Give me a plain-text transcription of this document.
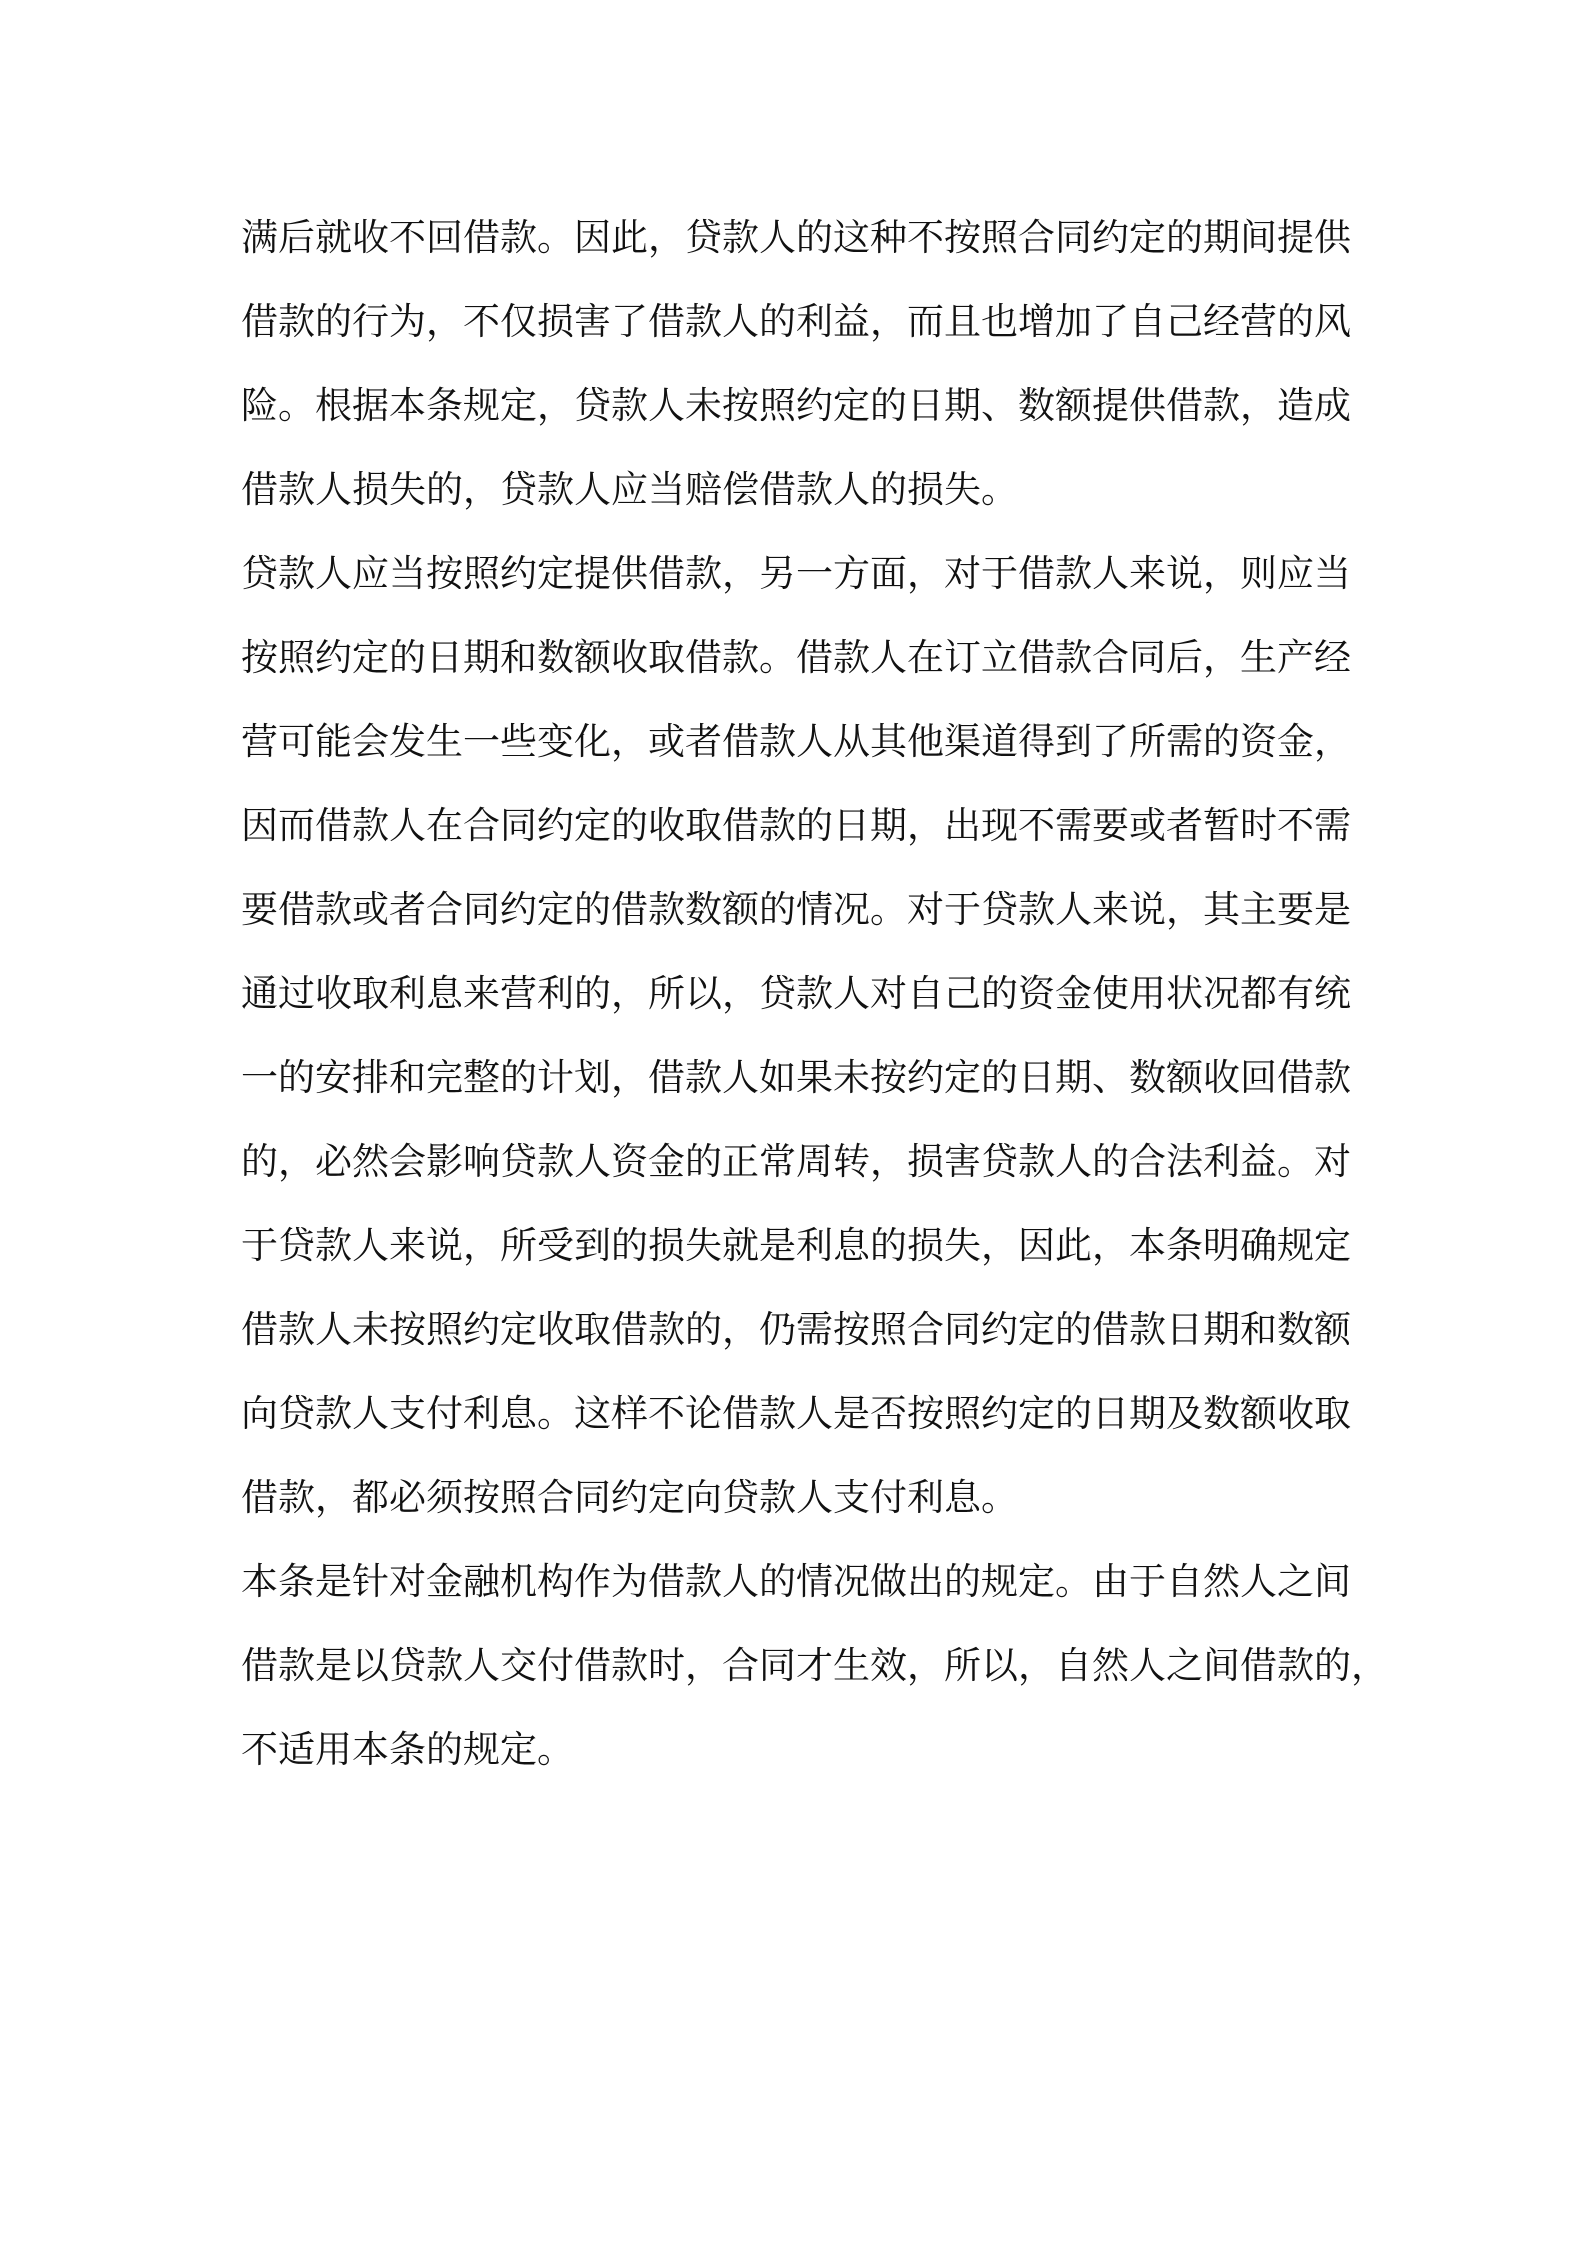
满后就收不回借款。因此，贷款人的这种不按照合同约定的期间提供
借款的行为，不仅损害了借款人的利益，而且也增加了自己经营的风
险。根据本条规定，贷款人未按照约定的日期、数额提供借款，造成
借款人损失的，贷款人应当赔偿借款人的损失。
贷款人应当按照约定提供借款，另一方面，对于借款人来说，则应当
按照约定的日期和数额收取借款。借款人在订立借款合同后，生产经
营可能会发生一些变化，或者借款人从其他渠道得到了所需的资金，
因而借款人在合同约定的收取借款的日期，出现不需要或者暂时不需
要借款或者合同约定的借款数额的情况。对于贷款人来说，其主要是
通过收取利息来营利的，所以，贷款人对自己的资金使用状况都有统
一的安排和完整的计划，借款人如果未按约定的日期、数额收回借款
的，必然会影响贷款人资金的正常周转，损害贷款人的合法利益。对
于贷款人来说，所受到的损失就是利息的损失，因此，本条明确规定
借款人未按照约定收取借款的，仍需按照合同约定的借款日期和数额
向贷款人支付利息。这样不论借款人是否按照约定的日期及数额收取
借款，都必须按照合同约定向贷款人支付利息。
本条是针对金融机构作为借款人的情况做出的规定。由于自然人之间
借款是以贷款人交付借款时，合同才生效，所以，自然人之间借款的，
不适用本条的规定。
